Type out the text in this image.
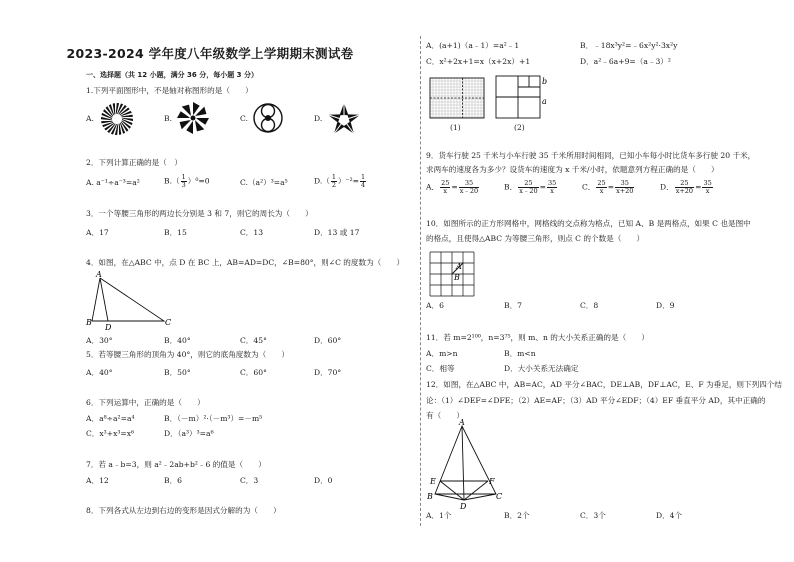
2023-2024 学年度八年级数学上学期期末测试卷
一、选择题（共 12 小题，满分 36 分，每小题 3 分）
1.下列平面图形中，不是轴对称图形的是（　　）
A.	B.	C.	D.
2．下列计算正确的是（　）
A. a⁻¹÷a⁻³=a²	$B.( \frac{1}{3} )^0=0$	C.（a²）³=a⁵	$D.( \frac{1}{2} )^{-2}= \frac{1}{4}$
3．一个等腰三角形的两边长分别是 3 和 7，则它的周长为（　　）
A．17	B．15	C．13	D．13 或 17
4．如图，在△ABC 中，点 D 在 BC 上，AB=AD=DC，∠B=80°，则∠C 的度数为（　　）
A
B	C
D
A．30°	B．40°	C．45°	D．60°
5．若等腰三角形的顶角为 40°，则它的底角度数为（　　）
A．40°	B．50°	C．60°	D．70°
6．下列运算中，正确的是（　　）
A．a⁸÷a²=a⁴	B．（－m）²·（－m³）=－m⁵
C．x³+x³=x⁶	D．（a³）³=a⁶
7．若 a﹣b=3，则 a²﹣2ab+b²﹣6 的值是（　　）
A．12	B．6	C．3	D．0
8．下列各式从左边到右边的变形是因式分解的为（　　）
A．(a+1)（a﹣1）=a²﹣1	B．﹣18x³y²=﹣6x²y²·3x²y
C．x²+2x+1=x（x+2x）+1	D．a²﹣6a+9=（a﹣3）²
b
a
(1)	(2)
9．货车行驶 25 千米与小车行驶 35 千米所用时间相同，已知小车每小时比货车多行驶 20 千米，
求两车的速度各为多少？设货车的速度为 x 千米/小时，依题意列方程正确的是（　　）
A． $\frac{25}{x} = \frac{35}{x﹣20}$	B． $\frac{25}{x﹣20} = \frac{35}{x}$	C． $\frac{25}{x} = \frac{35}{x+20}$	D． $\frac{25}{x+20} = \frac{35}{x}$
10．如图所示的正方形网格中，网格线的交点称为格点，已知 A、B 是两格点，如果 C 也是图中
的格点，且使得△ABC 为等腰三角形，则点 C 的个数是（　　）
A
B
A．6	B．7	C．8	D．9
11．若 m=2¹⁰⁰，n=3⁷⁵，则 m、n 的大小关系正确的是（　　）
A．m>n	B．m<n
C．相等	D．大小关系无法确定
12．如图，在△ABC 中，AB=AC，AD 平分∠BAC，DE⊥AB，DF⊥AC，E、F 为垂足，则下列四个结
论：（1）∠DEF=∠DFE；（2）AE=AF；（3）AD 平分∠EDF；（4）EF 垂直平分 AD，其中正确的
有（　　）
A
E	F
B	C
D
A．1个	B．2个	C．3个	D．4个
